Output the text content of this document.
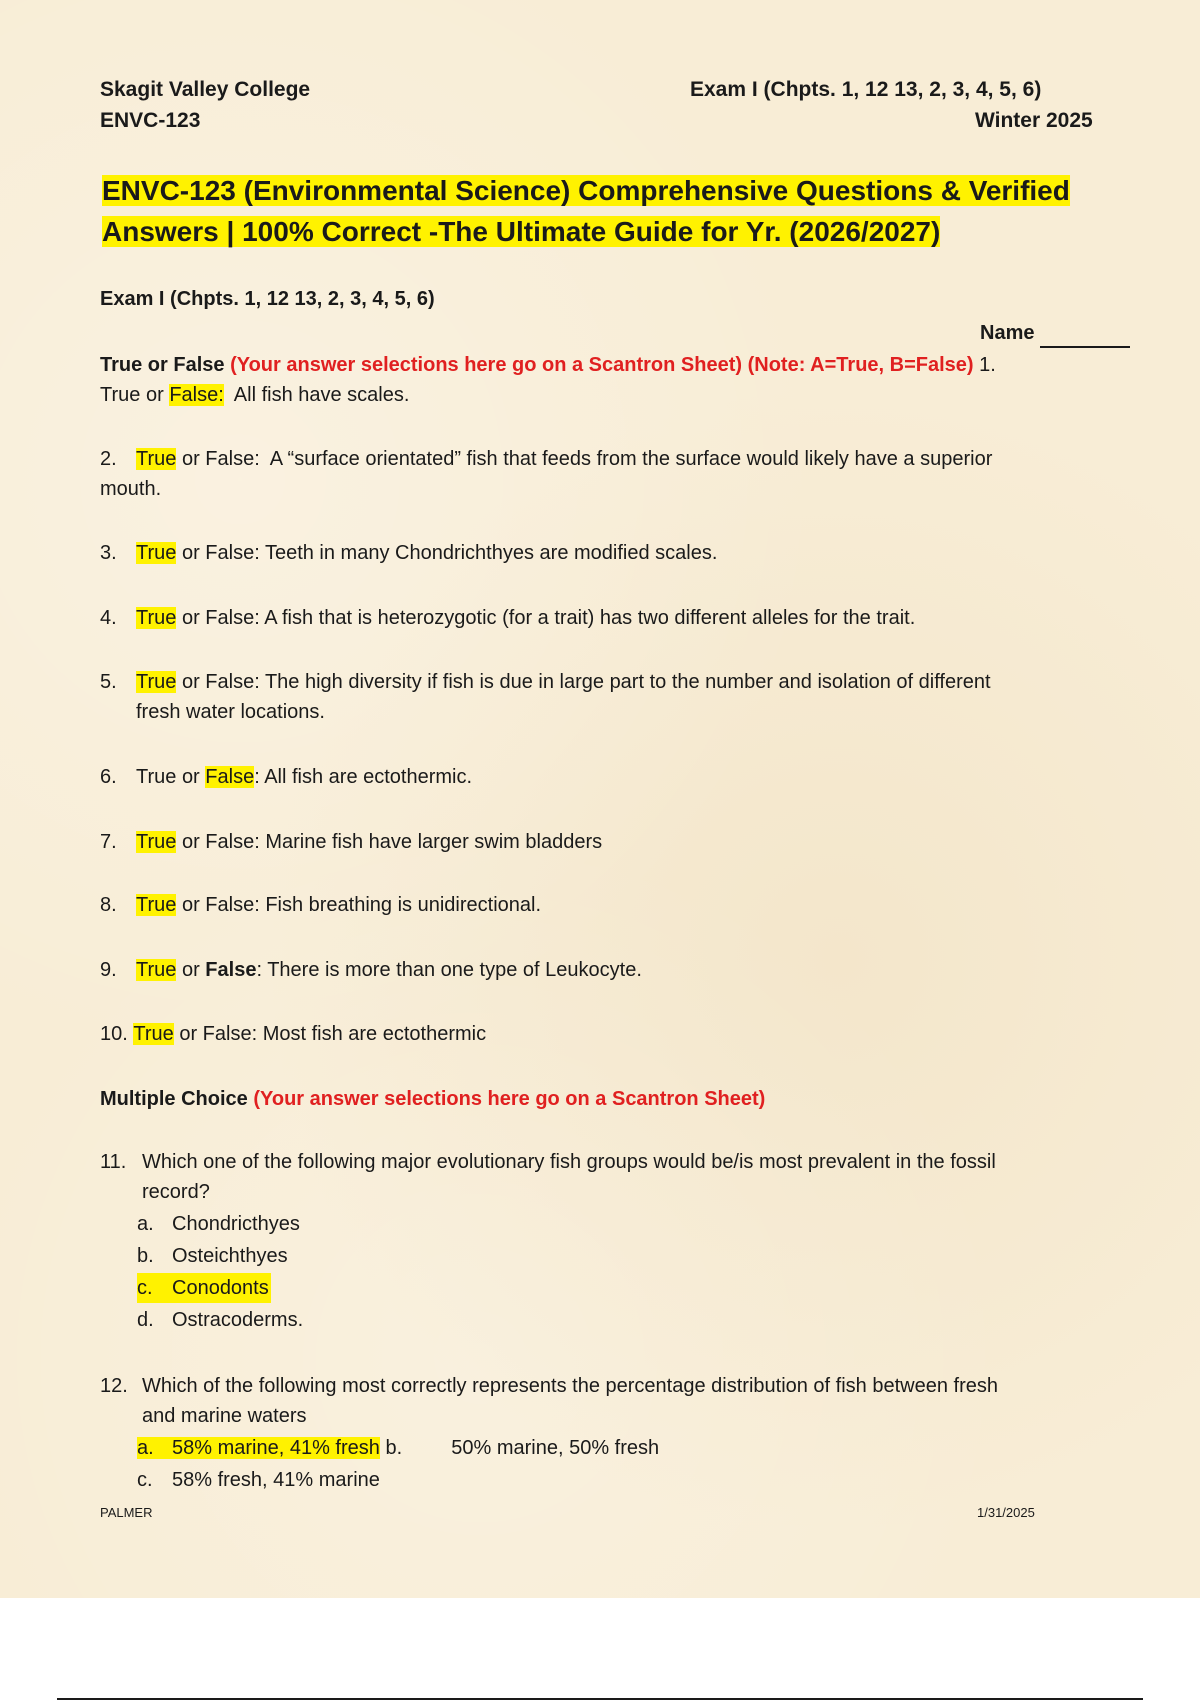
Skagit Valley College
ENVC-123
Exam I (Chpts. 1, 12 13, 2, 3, 4, 5, 6)
Winter 2025
ENVC-123 (Environmental Science) Comprehensive Questions & Verified
Answers | 100% Correct -The Ultimate Guide for Yr. (2026/2027)
Exam I (Chpts. 1, 12 13, 2, 3, 4, 5, 6)
Name
True or False (Your answer selections here go on a Scantron Sheet) (Note: A=True, B=False) 1.
True or False: All fish have scales.
2. True or False:  A “surface orientated” fish that feeds from the surface would likely have a superior
mouth.
3. True or False: Teeth in many Chondrichthyes are modified scales.
4. True or False: A fish that is heterozygotic (for a trait) has two different alleles for the trait.
5. True or False: The high diversity if fish is due in large part to the number and isolation of different
fresh water locations.
6. True or False: All fish are ectothermic.
7. True or False: Marine fish have larger swim bladders
8. True or False: Fish breathing is unidirectional.
9. True or False: There is more than one type of Leukocyte.
10. True or False: Most fish are ectothermic
Multiple Choice (Your answer selections here go on a Scantron Sheet)
11. Which one of the following major evolutionary fish groups would be/is most prevalent in the fossil
record?
a. Chondricthyes
b. Osteichthyes
c. Conodonts
d. Ostracoderms.
12. Which of the following most correctly represents the percentage distribution of fish between fresh
and marine waters
a. 58% marine, 41% fresh b. 50% marine, 50% fresh
c. 58% fresh, 41% marine
PALMER	1/31/2025
